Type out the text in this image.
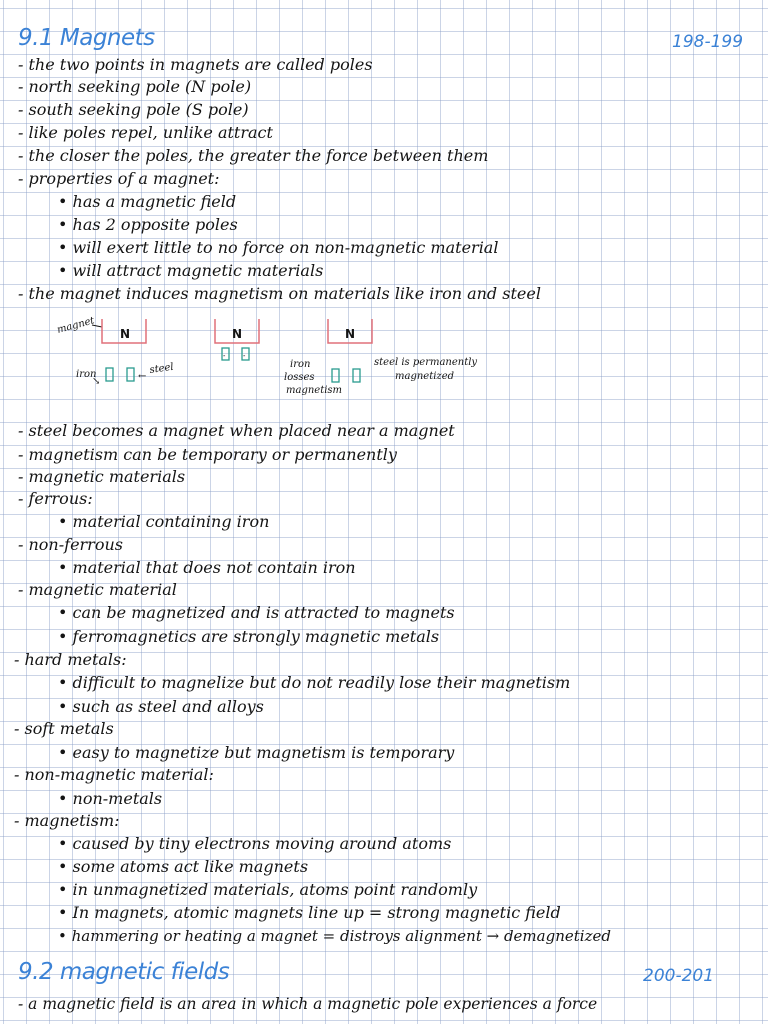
9.1 Magnets	198-199
- the two points in magnets are called poles
- north seeking pole (N pole)
- south seeking pole (S pole)
- like poles repel, unlike attract
- the closer the poles, the greater the force between them
- properties of a magnet:
• has a magnetic field
• has 2 opposite poles
• will exert little to no force on non-magnetic material
• will attract magnetic materials
- the magnet induces magnetism on materials like iron and steel
magnet N	N	N
-	-
iron
↘	←
steel	iron
losses
magnetism
steel is permanently
magnetized
- steel becomes a magnet when placed near a magnet
- magnetism can be temporary or permanently
- magnetic materials
- ferrous:
• material containing iron
- non-ferrous
• material that does not contain iron
- magnetic material
• can be magnetized and is attracted to magnets
• ferromagnetics are strongly magnetic metals
- hard metals:
• difficult to magnelize but do not readily lose their magnetism
• such as steel and alloys
- soft metals
• easy to magnetize but magnetism is temporary
- non-magnetic material:
• non-metals
- magnetism:
• caused by tiny electrons moving around atoms
• some atoms act like magnets
• in unmagnetized materials, atoms point randomly
• In magnets, atomic magnets line up = strong magnetic field
• hammering or heating a magnet = distroys alignment → demagnetized
9.2 magnetic fields	200-201
- a magnetic field is an area in which a magnetic pole experiences a force
